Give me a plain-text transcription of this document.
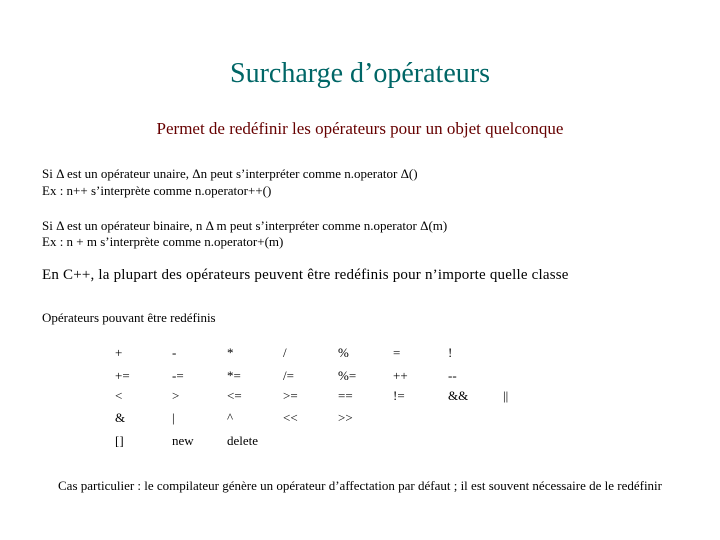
Surcharge d’opérateurs
Permet de redéfinir les opérateurs pour un objet quelconque
Si Δ est un opérateur unaire, Δn peut s’interpréter comme n.operator Δ()
Ex : n++ s’interprète comme n.operator++()
Si Δ est un opérateur binaire, n Δ m peut s’interpréter comme n.operator Δ(m)
Ex : n + m s’interprète comme n.operator+(m)
En C++, la plupart des opérateurs peuvent être redéfinis pour n’importe quelle classe
Opérateurs pouvant être redéfinis
+	-	*	/	%	=	!
+=	-=	*=	/=	%=	++	--
<	>	<=	>=	==	!=	&&	||
&	|	^	<<	>>
[]	new	delete
Cas particulier : le compilateur génère un opérateur d’affectation par défaut ; il est souvent nécessaire de le redéfinir
